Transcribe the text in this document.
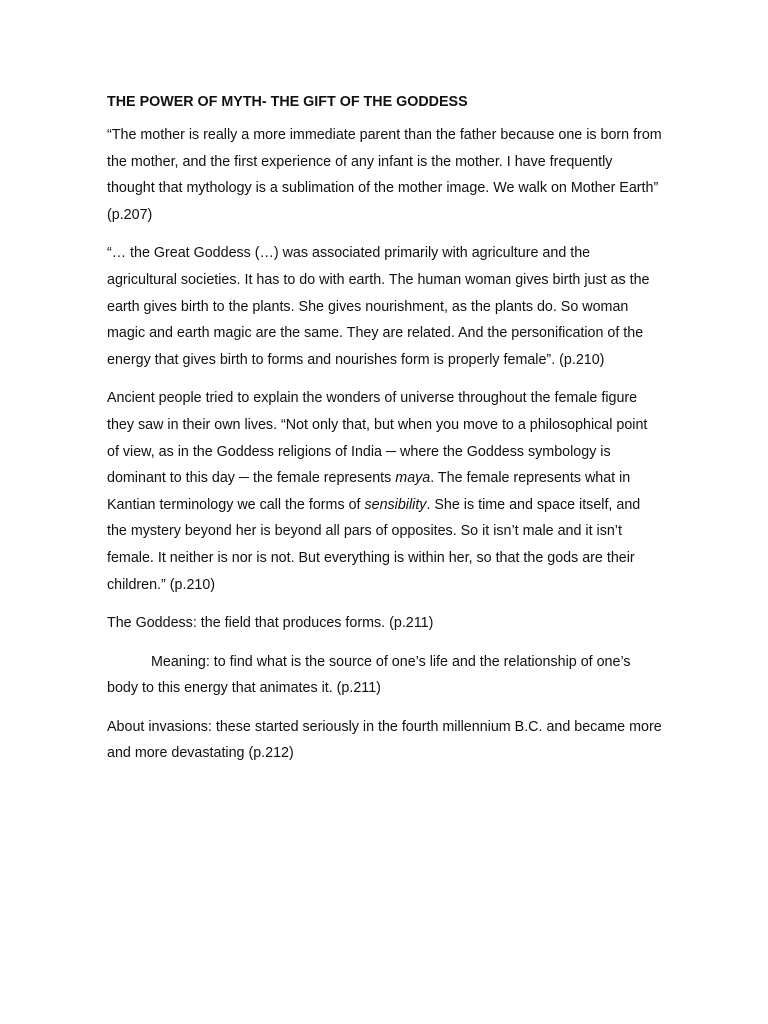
THE POWER OF MYTH- THE GIFT OF THE GODDESS

“The mother is really a more immediate parent than the father because one is born from the mother, and the first experience of any infant is the mother. I have frequently thought that mythology is a sublimation of the mother image. We walk on Mother Earth” (p.207)

“… the Great Goddess (…) was associated primarily with agriculture and the agricultural societies. It has to do with earth. The human woman gives birth just as the earth gives birth to the plants. She gives nourishment, as the plants do. So woman magic and earth magic are the same. They are related. And the personification of the energy that gives birth to forms and nourishes form is properly female”. (p.210)

Ancient people tried to explain the wonders of universe throughout the female figure they saw in their own lives. “Not only that, but when you move to a philosophical point of view, as in the Goddess religions of India ─ where the Goddess symbology is dominant to this day ─ the female represents maya. The female represents what in Kantian terminology we call the forms of sensibility. She is time and space itself, and the mystery beyond her is beyond all pars of opposites. So it isn’t male and it isn’t female. It neither is nor is not. But everything is within her, so that the gods are their children.” (p.210)

The Goddess: the field that produces forms. (p.211)

Meaning: to find what is the source of one’s life and the relationship of one’s body to this energy that animates it. (p.211)

About invasions: these started seriously in the fourth millennium B.C. and became more and more devastating (p.212)
